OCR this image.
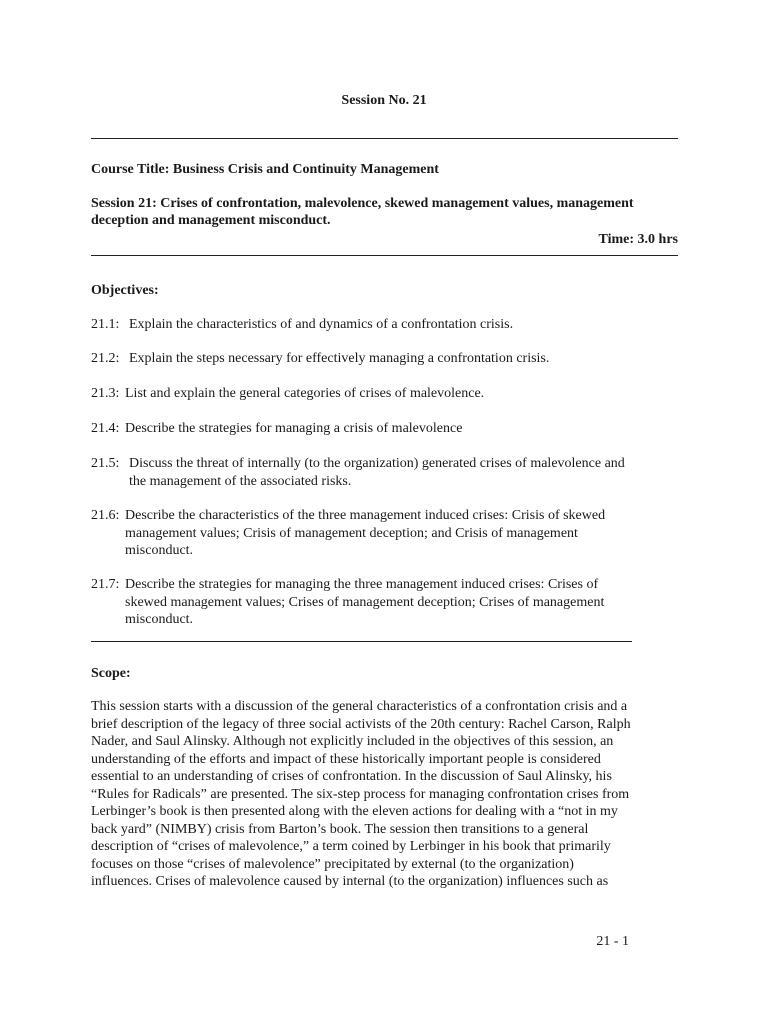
Session No. 21
Course Title: Business Crisis and Continuity Management
Session 21: Crises of confrontation, malevolence, skewed management values, management
deception and management misconduct.
Time: 3.0 hrs
Objectives:
21.1: Explain the characteristics of and dynamics of a confrontation crisis.
21.2: Explain the steps necessary for effectively managing a confrontation crisis.
21.3: List and explain the general categories of crises of malevolence.
21.4: Describe the strategies for managing a crisis of malevolence
21.5: Discuss the threat of internally (to the organization) generated crises of malevolence and
the management of the associated risks.
21.6: Describe the characteristics of the three management induced crises: Crisis of skewed
management values; Crisis of management deception; and Crisis of management
misconduct.
21.7: Describe the strategies for managing the three management induced crises: Crises of
skewed management values; Crises of management deception; Crises of management
misconduct.
Scope:
This session starts with a discussion of the general characteristics of a confrontation crisis and a
brief description of the legacy of three social activists of the 20th century: Rachel Carson, Ralph
Nader, and Saul Alinsky. Although not explicitly included in the objectives of this session, an
understanding of the efforts and impact of these historically important people is considered
essential to an understanding of crises of confrontation. In the discussion of Saul Alinsky, his
“Rules for Radicals” are presented. The six-step process for managing confrontation crises from
Lerbinger’s book is then presented along with the eleven actions for dealing with a “not in my
back yard” (NIMBY) crisis from Barton’s book. The session then transitions to a general
description of “crises of malevolence,” a term coined by Lerbinger in his book that primarily
focuses on those “crises of malevolence” precipitated by external (to the organization)
influences. Crises of malevolence caused by internal (to the organization) influences such as
21 - 1
